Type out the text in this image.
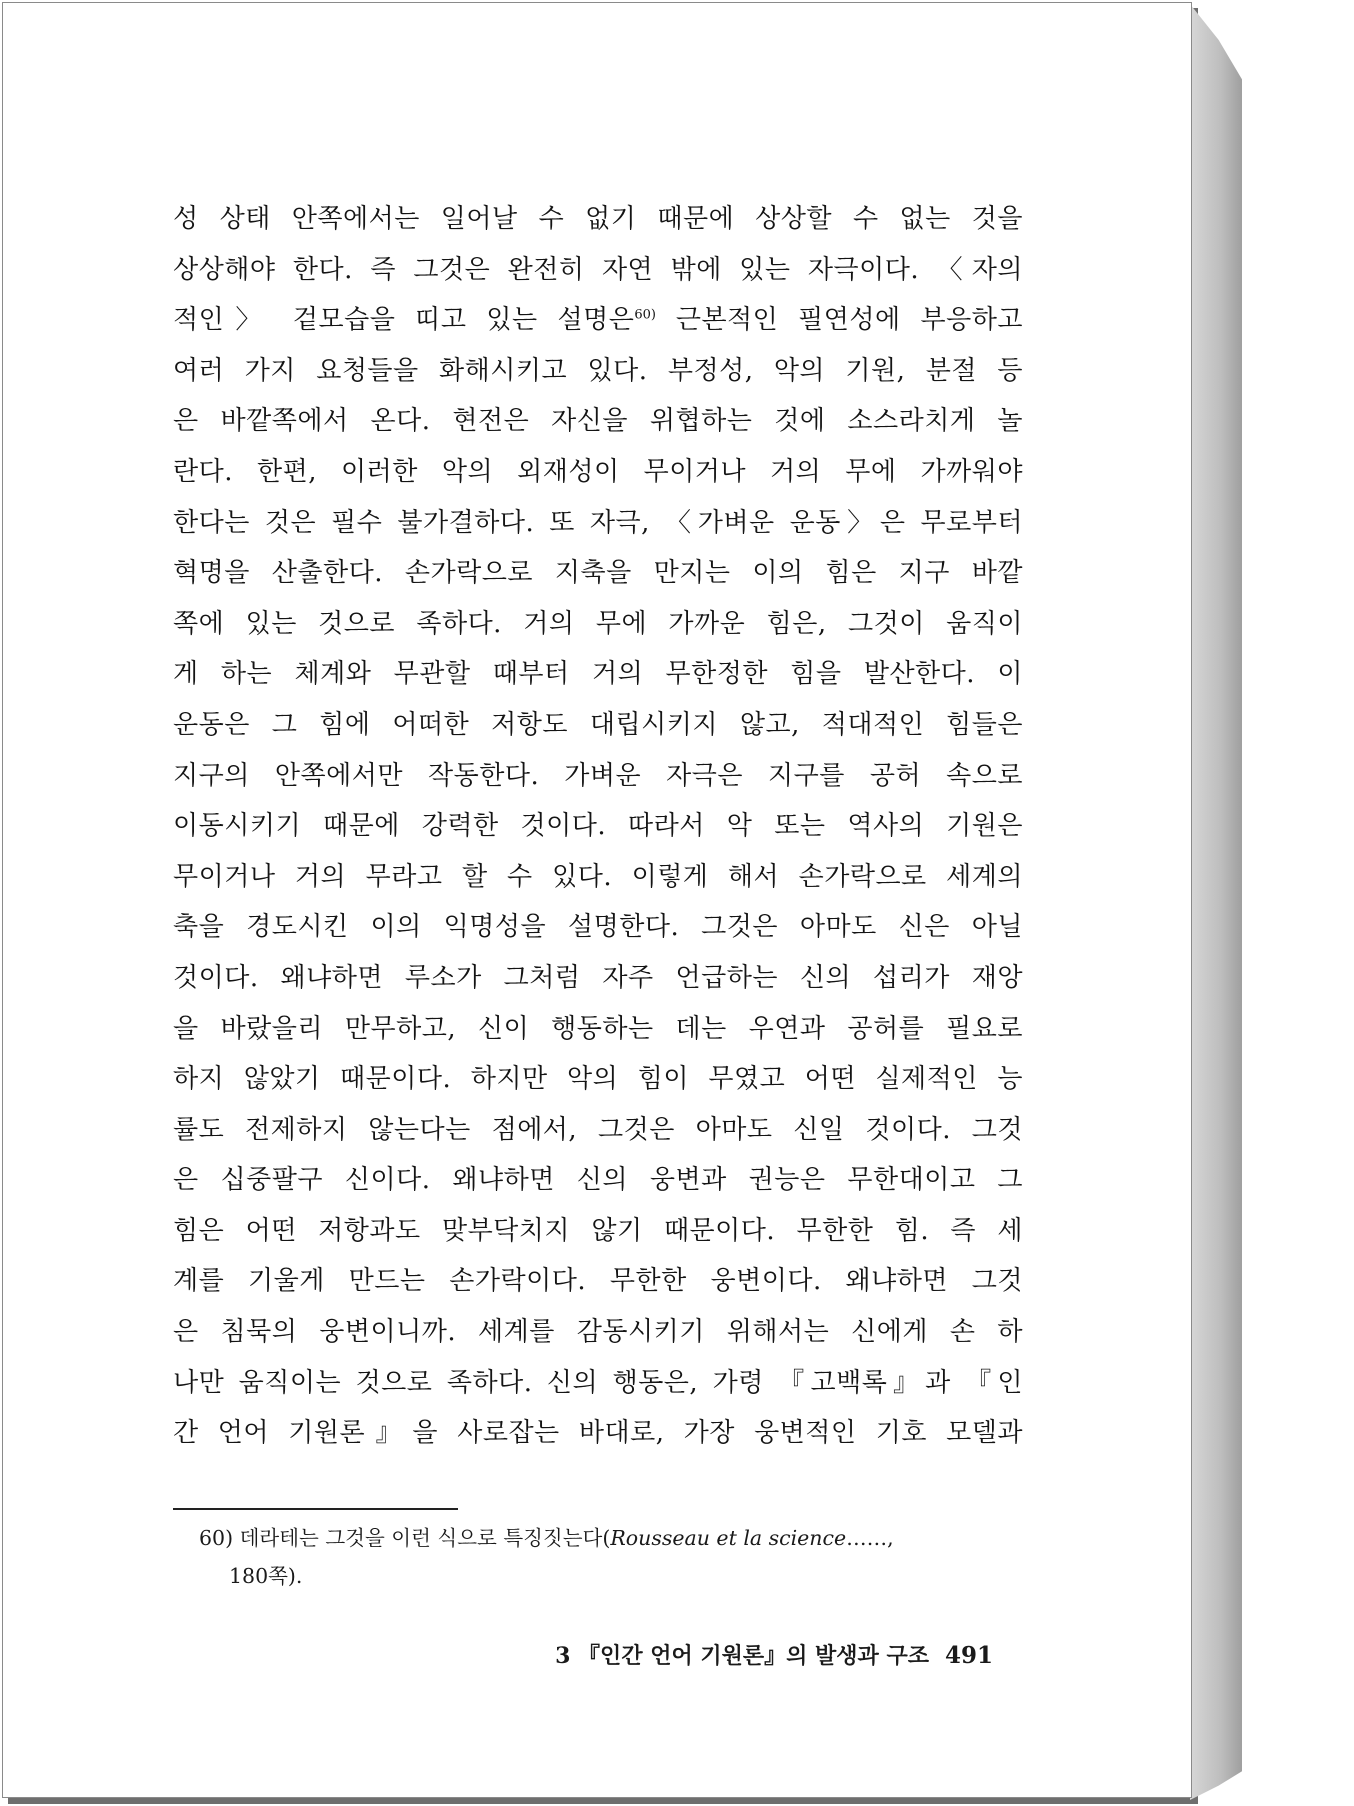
성 상태 안쪽에서는 일어날 수 없기 때문에 상상할 수 없는 것을
상상해야 한다. 즉 그것은 완전히 자연 밖에 있는 자극이다. 〈자의
적인〉 겉모습을 띠고 있는 설명은$^{60)}$ 근본적인 필연성에 부응하고
여러 가지 요청들을 화해시키고 있다. 부정성, 악의 기원, 분절 등
은 바깥쪽에서 온다. 현전은 자신을 위협하는 것에 소스라치게 놀
란다. 한편, 이러한 악의 외재성이 무이거나 거의 무에 가까워야
한다는 것은 필수 불가결하다. 또 자극, 〈가벼운 운동〉은 무로부터
혁명을 산출한다. 손가락으로 지축을 만지는 이의 힘은 지구 바깥
쪽에 있는 것으로 족하다. 거의 무에 가까운 힘은, 그것이 움직이
게 하는 체계와 무관할 때부터 거의 무한정한 힘을 발산한다. 이
운동은 그 힘에 어떠한 저항도 대립시키지 않고, 적대적인 힘들은
지구의 안쪽에서만 작동한다. 가벼운 자극은 지구를 공허 속으로
이동시키기 때문에 강력한 것이다. 따라서 악 또는 역사의 기원은
무이거나 거의 무라고 할 수 있다. 이렇게 해서 손가락으로 세계의
축을 경도시킨 이의 익명성을 설명한다. 그것은 아마도 신은 아닐
것이다. 왜냐하면 루소가 그처럼 자주 언급하는 신의 섭리가 재앙
을 바랐을리 만무하고, 신이 행동하는 데는 우연과 공허를 필요로
하지 않았기 때문이다. 하지만 악의 힘이 무였고 어떤 실제적인 능
률도 전제하지 않는다는 점에서, 그것은 아마도 신일 것이다. 그것
은 십중팔구 신이다. 왜냐하면 신의 웅변과 권능은 무한대이고 그
힘은 어떤 저항과도 맞부닥치지 않기 때문이다. 무한한 힘. 즉 세
계를 기울게 만드는 손가락이다. 무한한 웅변이다. 왜냐하면 그것
은 침묵의 웅변이니까. 세계를 감동시키기 위해서는 신에게 손 하
나만 움직이는 것으로 족하다. 신의 행동은, 가령 『고백록』과 『인
간 언어 기원론』을 사로잡는 바대로, 가장 웅변적인 기호 모델과
60) 데라테는 그것을 이런 식으로 특징짓는다(Rousseau et la science……,
180쪽).
3 『인간 언어 기원론』의 발생과 구조 491
